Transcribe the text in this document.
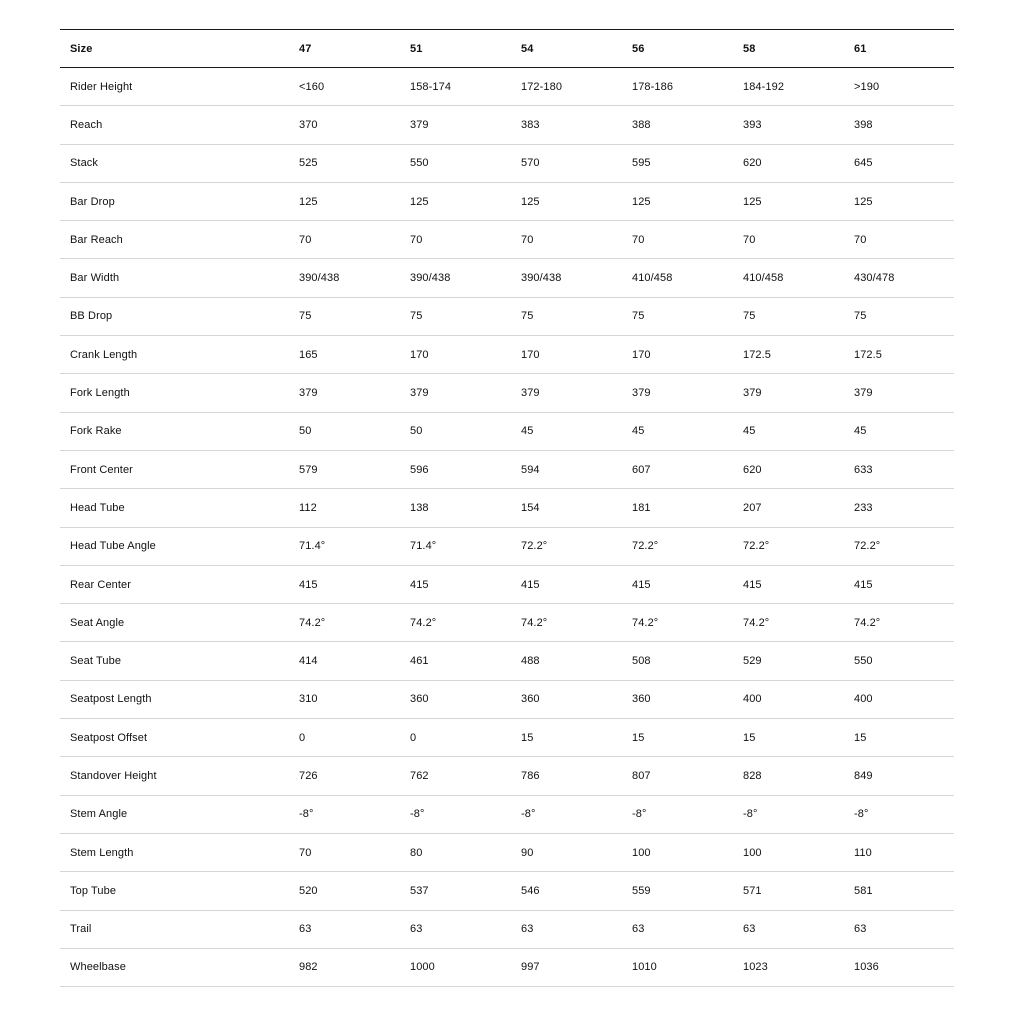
Size	47	51	54	56	58	61
Rider Height	<160	158-174	172-180	178-186	184-192	>190
Reach	370	379	383	388	393	398
Stack	525	550	570	595	620	645
Bar Drop	125	125	125	125	125	125
Bar Reach	70	70	70	70	70	70
Bar Width	390/438	390/438	390/438	410/458	410/458	430/478
BB Drop	75	75	75	75	75	75
Crank Length	165	170	170	170	172.5	172.5
Fork Length	379	379	379	379	379	379
Fork Rake	50	50	45	45	45	45
Front Center	579	596	594	607	620	633
Head Tube	112	138	154	181	207	233
Head Tube Angle	71.4°	71.4°	72.2°	72.2°	72.2°	72.2°
Rear Center	415	415	415	415	415	415
Seat Angle	74.2°	74.2°	74.2°	74.2°	74.2°	74.2°
Seat Tube	414	461	488	508	529	550
Seatpost Length	310	360	360	360	400	400
Seatpost Offset	0	0	15	15	15	15
Standover Height	726	762	786	807	828	849
Stem Angle	-8°	-8°	-8°	-8°	-8°	-8°
Stem Length	70	80	90	100	100	110
Top Tube	520	537	546	559	571	581
Trail	63	63	63	63	63	63
Wheelbase	982	1000	997	1010	1023	1036
